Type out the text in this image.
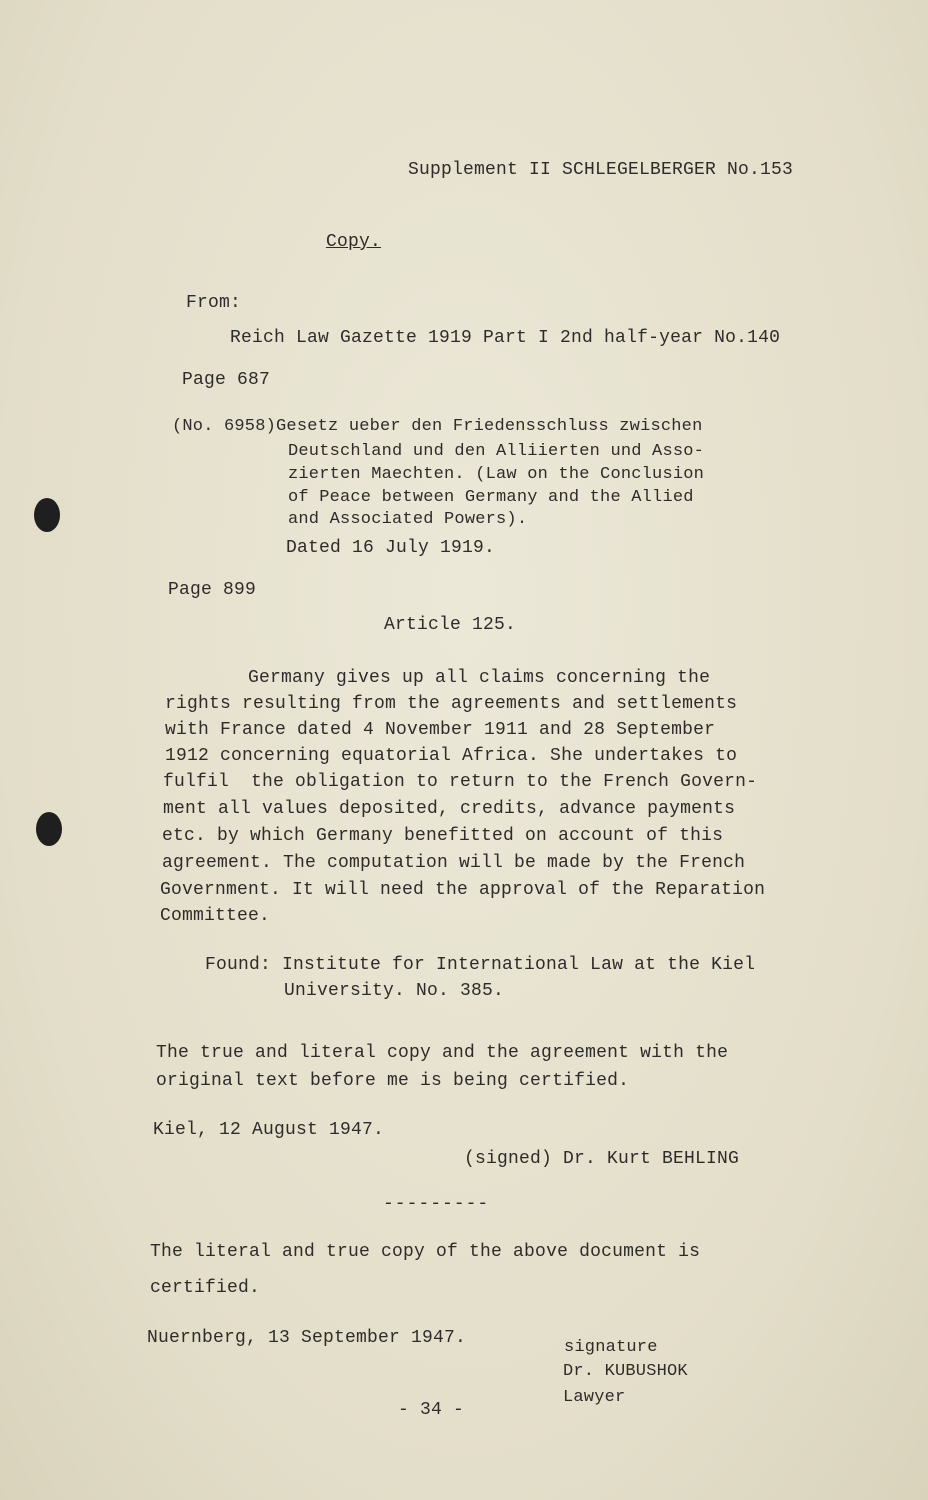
Supplement II SCHLEGELBERGER No.153
Copy.
From:
Reich Law Gazette 1919 Part I 2nd half-year No.140
Page 687
(No. 6958)Gesetz ueber den Friedensschluss zwischen
Deutschland und den Alliierten und Asso-
zierten Maechten. (Law on the Conclusion
of Peace between Germany and the Allied
and Associated Powers).
Dated 16 July 1919.
Page 899
Article 125.
Germany gives up all claims concerning the
rights resulting from the agreements and settlements
with France dated 4 November 1911 and 28 September
1912 concerning equatorial Africa. She undertakes to
fulfil  the obligation to return to the French Govern-
ment all values deposited, credits, advance payments
etc. by which Germany benefitted on account of this
agreement. The computation will be made by the French
Government. It will need the approval of the Reparation
Committee.
Found: Institute for International Law at the Kiel
University. No. 385.
The true and literal copy and the agreement with the
original text before me is being certified.
Kiel, 12 August 1947.
(signed) Dr. Kurt BEHLING
---------
The literal and true copy of the above document is
certified.
Nuernberg, 13 September 1947.	signature
Dr. KUBUSHOK
Lawyer
- 34 -
